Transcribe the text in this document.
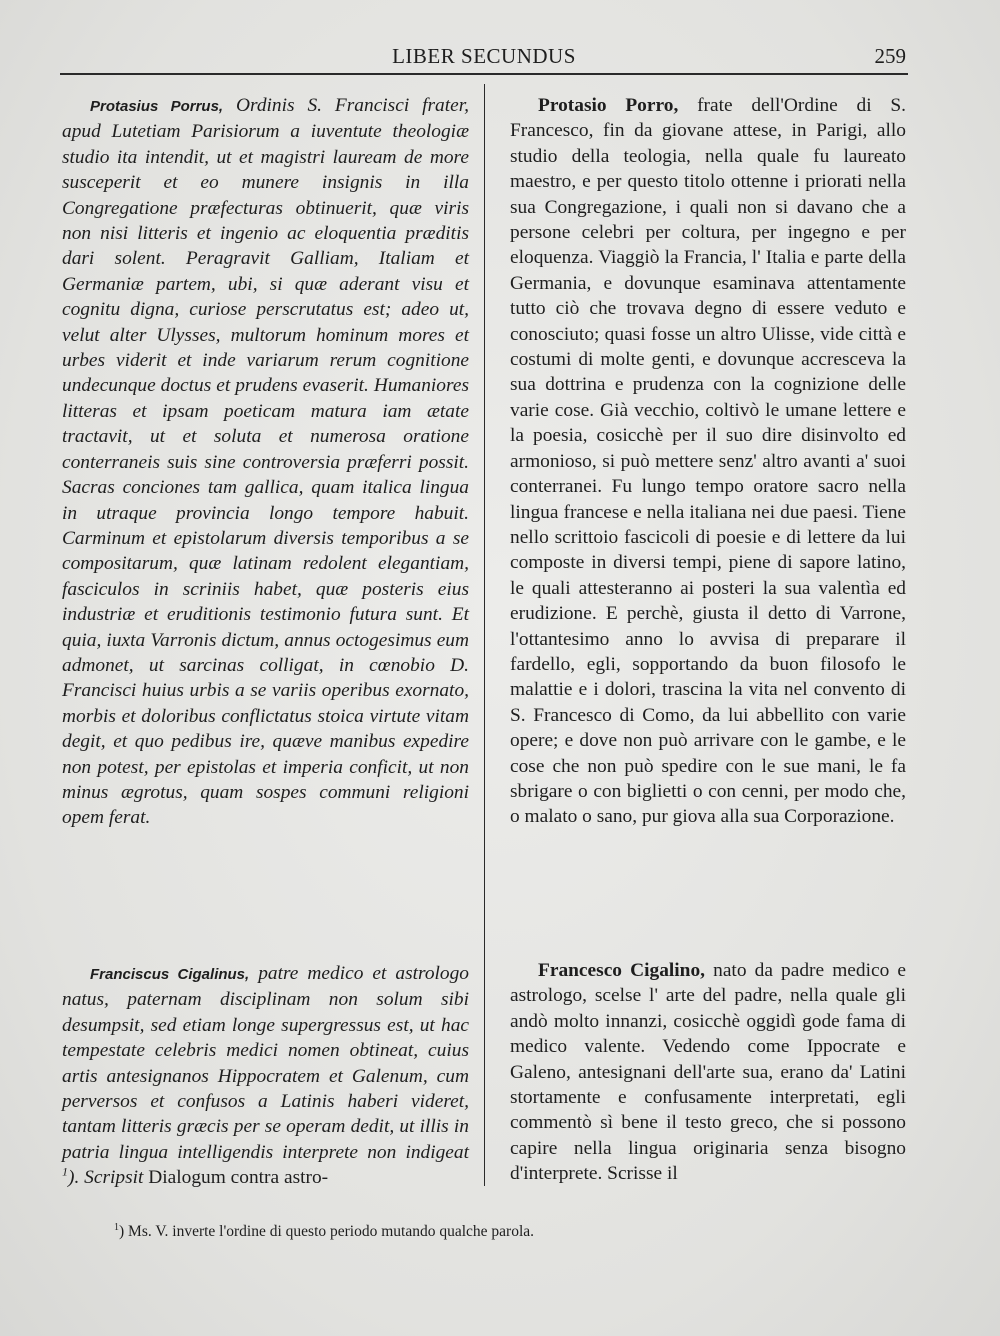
LIBER SECUNDUS	259

Protasius Porrus, Ordinis S. Francisci frater, apud Lutetiam Parisiorum a iuventute theologiæ studio ita intendit, ut et magistri lauream de more susceperit et eo munere insignis in illa Congregatione præfecturas obtinuerit, quæ viris non nisi litteris et ingenio ac eloquentia præditis dari solent. Peragravit Galliam, Italiam et Germaniæ partem, ubi, si quæ aderant visu et cognitu digna, curiose perscrutatus est; adeo ut, velut alter Ulysses, multorum hominum mores et urbes viderit et inde variarum rerum cognitione undecunque doctus et prudens evaserit. Humaniores litteras et ipsam poeticam matura iam ætate tractavit, ut et soluta et numerosa oratione conterraneis suis sine controversia præferri possit. Sacras conciones tam gallica, quam italica lingua in utraque provincia longo tempore habuit. Carminum et epistolarum diversis temporibus a se compositarum, quæ latinam redolent elegantiam, fasciculos in scriniis habet, quæ posteris eius industriæ et eruditionis testimonio futura sunt. Et quia, iuxta Varronis dictum, annus octogesimus eum admonet, ut sarcinas colligat, in cœnobio D. Francisci huius urbis a se variis operibus exornato, morbis et doloribus conflictatus stoica virtute vitam degit, et quo pedibus ire, quæve manibus expedire non potest, per epistolas et imperia conficit, ut non minus ægrotus, quam sospes communi religioni opem ferat.

Franciscus Cigalinus, patre medico et astrologo natus, paternam disciplinam non solum sibi desumpsit, sed etiam longe supergressus est, ut hac tempestate celebris medici nomen obtineat, cuius artis antesignanos Hippocratem et Galenum, cum perversos et confusos a Latinis haberi videret, tantam litteris græcis per se operam dedit, ut illis in patria lingua intelligendis interprete non indigeat $^1$). Scripsit Dialogum contra astro-

Protasio Porro, frate dell'Ordine di S. Francesco, fin da giovane attese, in Parigi, allo studio della teologia, nella quale fu laureato maestro, e per questo titolo ottenne i priorati nella sua Congregazione, i quali non si davano che a persone celebri per coltura, per ingegno e per eloquenza. Viaggiò la Francia, l' Italia e parte della Germania, e dovunque esaminava attentamente tutto ciò che trovava degno di essere veduto e conosciuto; quasi fosse un altro Ulisse, vide città e costumi di molte genti, e dovunque accresceva la sua dottrina e prudenza con la cognizione delle varie cose. Già vecchio, coltivò le umane lettere e la poesia, cosicchè per il suo dire disinvolto ed armonioso, si può mettere senz' altro avanti a' suoi conterranei. Fu lungo tempo oratore sacro nella lingua francese e nella italiana nei due paesi. Tiene nello scrittoio fascicoli di poesie e di lettere da lui composte in diversi tempi, piene di sapore latino, le quali attesteranno ai posteri la sua valentìa ed erudizione. E perchè, giusta il detto di Varrone, l'ottantesimo anno lo avvisa di preparare il fardello, egli, sopportando da buon filosofo le malattie e i dolori, trascina la vita nel convento di S. Francesco di Como, da lui abbellito con varie opere; e dove non può arrivare con le gambe, e le cose che non può spedire con le sue mani, le fa sbrigare o con biglietti o con cenni, per modo che, o malato o sano, pur giova alla sua Corporazione.

Francesco Cigalino, nato da padre medico e astrologo, scelse l' arte del padre, nella quale gli andò molto innanzi, cosicchè oggidì gode fama di medico valente. Vedendo come Ippocrate e Galeno, antesignani dell'arte sua, erano da' Latini stortamente e confusamente interpretati, egli commentò sì bene il testo greco, che si possono capire nella lingua originaria senza bisogno d'interprete. Scrisse il

$^1$) Ms. V. inverte l'ordine di questo periodo mutando qualche parola.
